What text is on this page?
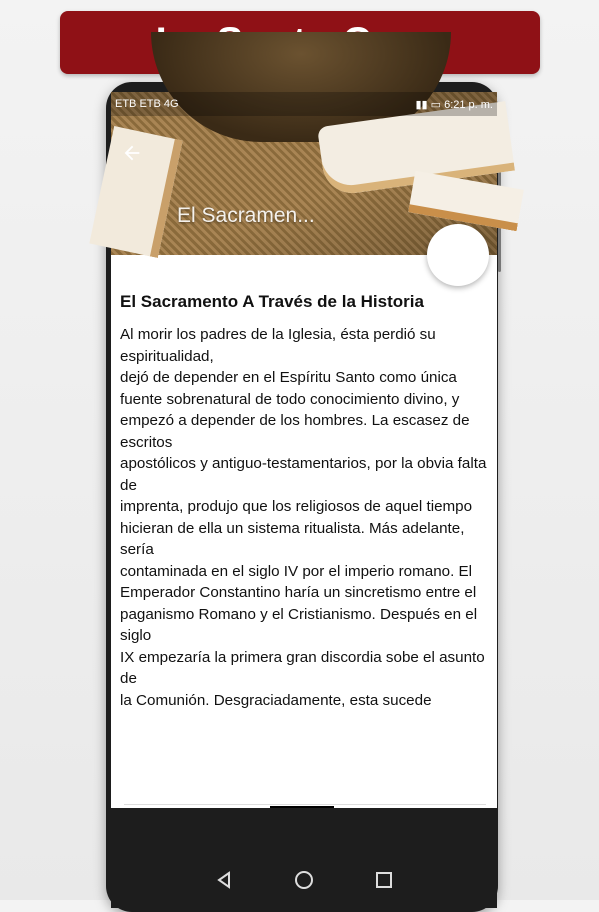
ETB ETB 4G	▮▮ ▭ 6:21 p. m.
El Sacramen...
El Sacramento A Través de la Historia
Al morir los padres de la Iglesia, ésta perdió su espiritualidad,
dejó de depender en el Espíritu Santo como única fuente sobrenatural de todo conocimiento divino, y
empezó a depender de los hombres. La escasez de escritos
apostólicos y antiguo-testamentarios, por la obvia falta de
imprenta, produjo que los religiosos de aquel tiempo
hicieran de ella un sistema ritualista. Más adelante, sería
contaminada en el siglo IV por el imperio romano. El
Emperador Constantino haría un sincretismo entre el
paganismo Romano y el Cristianismo. Después en el siglo
IX empezaría la primera gran discordia sobe el asunto de
la Comunión. Desgraciadamente, esta sucede
